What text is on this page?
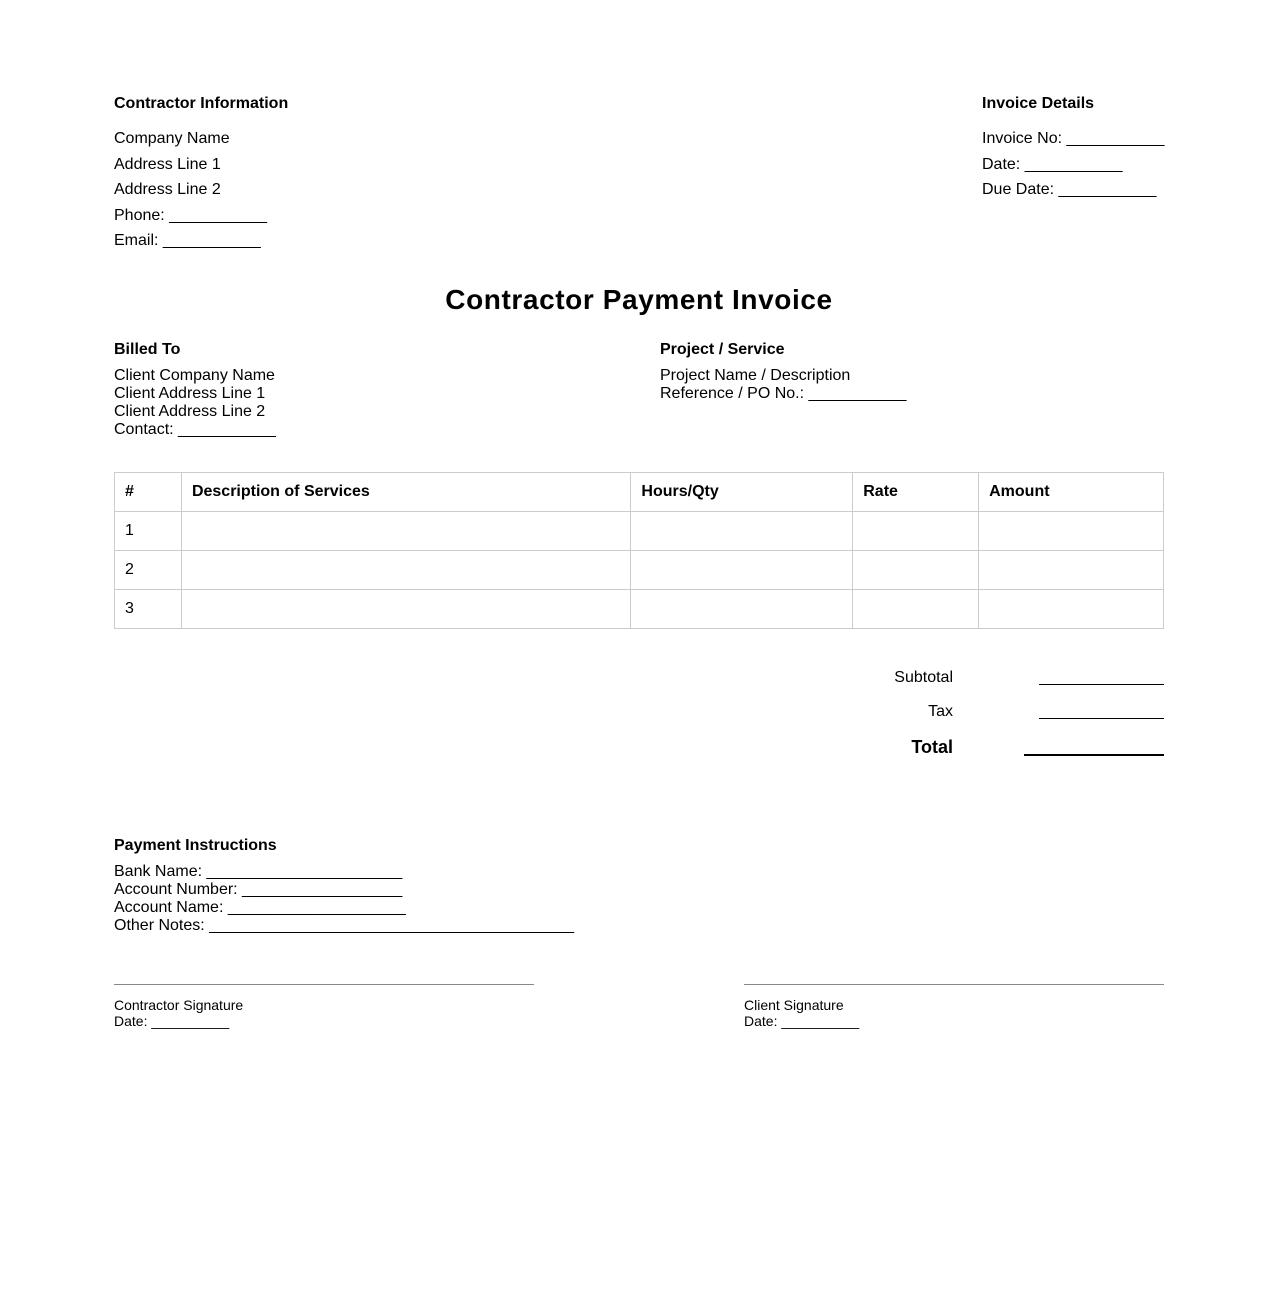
Contractor Information
Company Name
Address Line 1
Address Line 2
Phone: ___________
Email: ___________
Invoice Details
Invoice No: ___________
Date: ___________
Due Date: ___________
Contractor Payment Invoice
Billed To
Client Company Name
Client Address Line 1
Client Address Line 2
Contact: ___________
Project / Service
Project Name / Description
Reference / PO No.: ___________
#	Description of Services	Hours/Qty	Rate	Amount
1				
2				
3				
Subtotal
Tax
Total
Payment Instructions
Bank Name: ______________________
Account Number: __________________
Account Name: ____________________
Other Notes: _________________________________________
Contractor Signature
Date: __________
Client Signature
Date: __________
